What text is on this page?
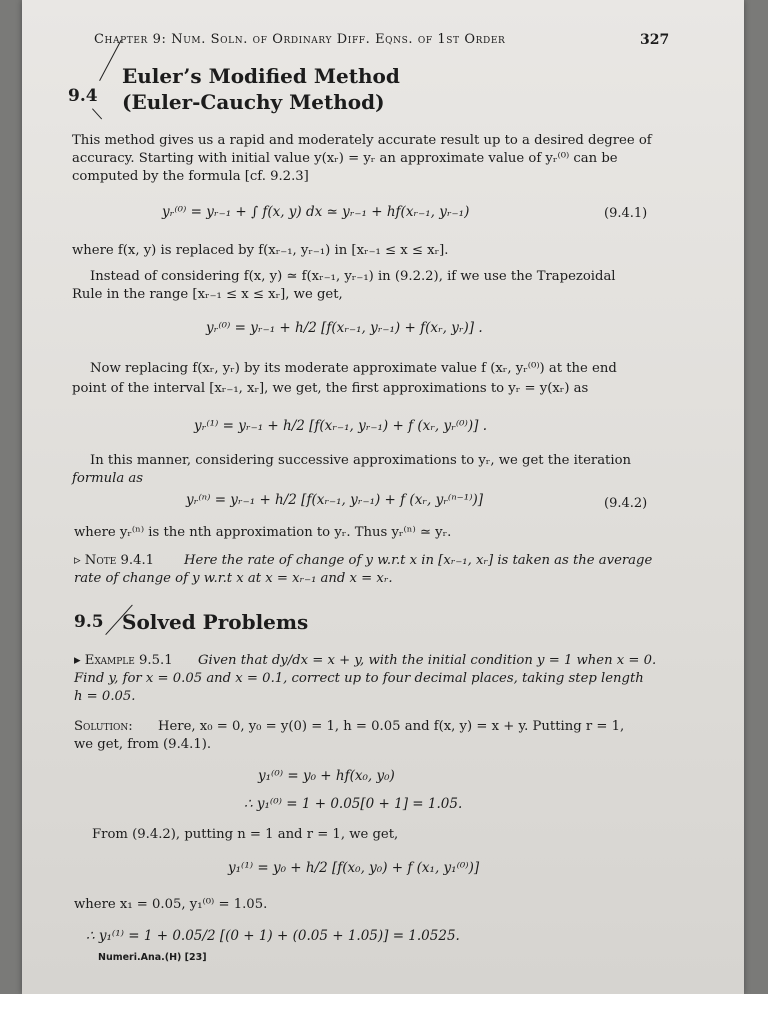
Chapter 9: Num. Soln. of Ordinary Diff. Eqns. of 1st Order	327
9.4
Euler’s Modified Method
(Euler-Cauchy Method)
This method gives us a rapid and moderately accurate result up to a desired degree of
accuracy. Starting with initial value y(xᵣ) = yᵣ an approximate value of yᵣ⁽⁰⁾ can be
computed by the formula [cf. 9.2.3]
yᵣ⁽⁰⁾ = yᵣ₋₁ + ∫ f(x, y) dx ≃ yᵣ₋₁ + hf(xᵣ₋₁, yᵣ₋₁)	(9.4.1)
where f(x, y) is replaced by f(xᵣ₋₁, yᵣ₋₁) in [xᵣ₋₁ ≤ x ≤ xᵣ].
Instead of considering f(x, y) ≃ f(xᵣ₋₁, yᵣ₋₁) in (9.2.2), if we use the Trapezoidal
Rule in the range [xᵣ₋₁ ≤ x ≤ xᵣ], we get,
yᵣ⁽⁰⁾ = yᵣ₋₁ + h/2 [f(xᵣ₋₁, yᵣ₋₁) + f(xᵣ, yᵣ)] .
Now replacing f(xᵣ, yᵣ) by its moderate approximate value f (xᵣ, yᵣ⁽⁰⁾) at the end
point of the interval [xᵣ₋₁, xᵣ], we get, the first approximations to yᵣ = y(xᵣ) as
yᵣ⁽¹⁾ = yᵣ₋₁ + h/2 [f(xᵣ₋₁, yᵣ₋₁) + f (xᵣ, yᵣ⁽⁰⁾)] .
In this manner, considering successive approximations to yᵣ, we get the iteration
formula as
yᵣ⁽ⁿ⁾ = yᵣ₋₁ + h/2 [f(xᵣ₋₁, yᵣ₋₁) + f (xᵣ, yᵣ⁽ⁿ⁻¹⁾)]	(9.4.2)
where yᵣ⁽ⁿ⁾ is the nth approximation to yᵣ. Thus yᵣ⁽ⁿ⁾ ≃ yᵣ.
▹ Note 9.4.1 Here the rate of change of y w.r.t x in [xᵣ₋₁, xᵣ] is taken as the average
rate of change of y w.r.t x at x = xᵣ₋₁ and x = xᵣ.
9.5 Solved Problems
▸ Example 9.5.1 Given that dy/dx = x + y, with the initial condition y = 1 when x = 0.
Find y, for x = 0.05 and x = 0.1, correct up to four decimal places, taking step length
h = 0.05.
Solution: Here, x₀ = 0, y₀ = y(0) = 1, h = 0.05 and f(x, y) = x + y. Putting r = 1,
we get, from (9.4.1).
y₁⁽⁰⁾ = y₀ + hf(x₀, y₀)
∴ y₁⁽⁰⁾ = 1 + 0.05[0 + 1] = 1.05.
From (9.4.2), putting n = 1 and r = 1, we get,
y₁⁽¹⁾ = y₀ + h/2 [f(x₀, y₀) + f (x₁, y₁⁽⁰⁾)]
where x₁ = 0.05, y₁⁽⁰⁾ = 1.05.
∴ y₁⁽¹⁾ = 1 + 0.05/2 [(0 + 1) + (0.05 + 1.05)] = 1.0525.
Numeri.Ana.(H) [23]
